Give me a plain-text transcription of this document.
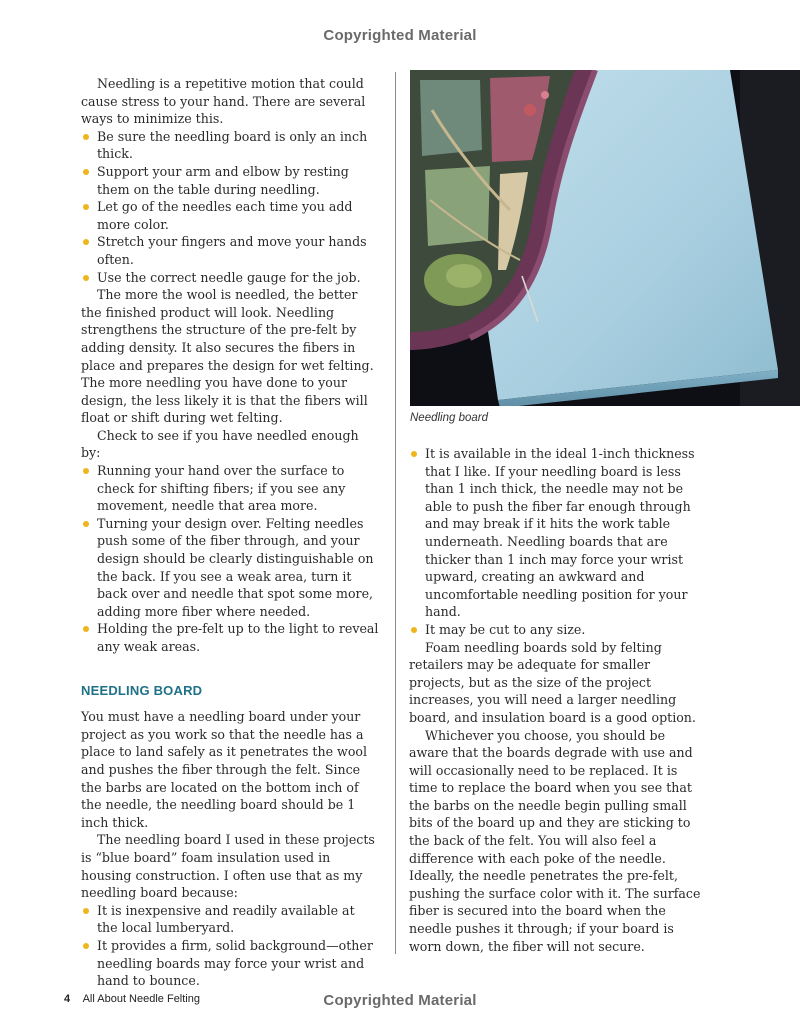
Copyrighted Material

Needling is a repetitive motion that could cause stress to your hand. There are several ways to minimize this.

Be sure the needling board is only an inch thick.
Support your arm and elbow by resting them on the table during needling.
Let go of the needles each time you add more color.
Stretch your fingers and move your hands often.
Use the correct needle gauge for the job.

The more the wool is needled, the better the finished product will look. Needling strengthens the structure of the pre-felt by adding density. It also secures the fibers in place and prepares the design for wet felting. The more needling you have done to your design, the less likely it is that the fibers will float or shift during wet felting.

Check to see if you have needled enough by:

Running your hand over the surface to check for shifting fibers; if you see any movement, needle that area more.
Turning your design over. Felting needles push some of the fiber through, and your design should be clearly distinguishable on the back. If you see a weak area, turn it back over and needle that spot some more, adding more fiber where needed.
Holding the pre-felt up to the light to reveal any weak areas.
NEEDLING BOARD

You must have a needling board under your project as you work so that the needle has a place to land safely as it penetrates the wool and pushes the fiber through the felt. Since the barbs are located on the bottom inch of the needle, the needling board should be 1 inch thick.

The needling board I used in these projects is “blue board” foam insulation used in housing construction. I often use that as my needling board because:

It is inexpensive and readily available at the local lumberyard.
It provides a firm, solid background—other needling boards may force your wrist and hand to bounce.
Needling board
It is available in the ideal 1-inch thickness that I like. If your needling board is less than 1 inch thick, the needle may not be able to push the fiber far enough through and may break if it hits the work table underneath. Needling boards that are thicker than 1 inch may force your wrist upward, creating an awkward and uncomfortable needling position for your hand.
It may be cut to any size.

Foam needling boards sold by felting retailers may be adequate for smaller projects, but as the size of the project increases, you will need a larger needling board, and insulation board is a good option.

Whichever you choose, you should be aware that the boards degrade with use and will occasionally need to be replaced. It is time to replace the board when you see that the barbs on the needle begin pulling small bits of the board up and they are sticking to the back of the felt. You will also feel a difference with each poke of the needle. Ideally, the needle penetrates the pre-felt, pushing the surface color with it. The surface fiber is secured into the board when the needle pushes it through; if your board is worn down, the fiber will not secure.

4 All About Needle Felting	Copyrighted Material
